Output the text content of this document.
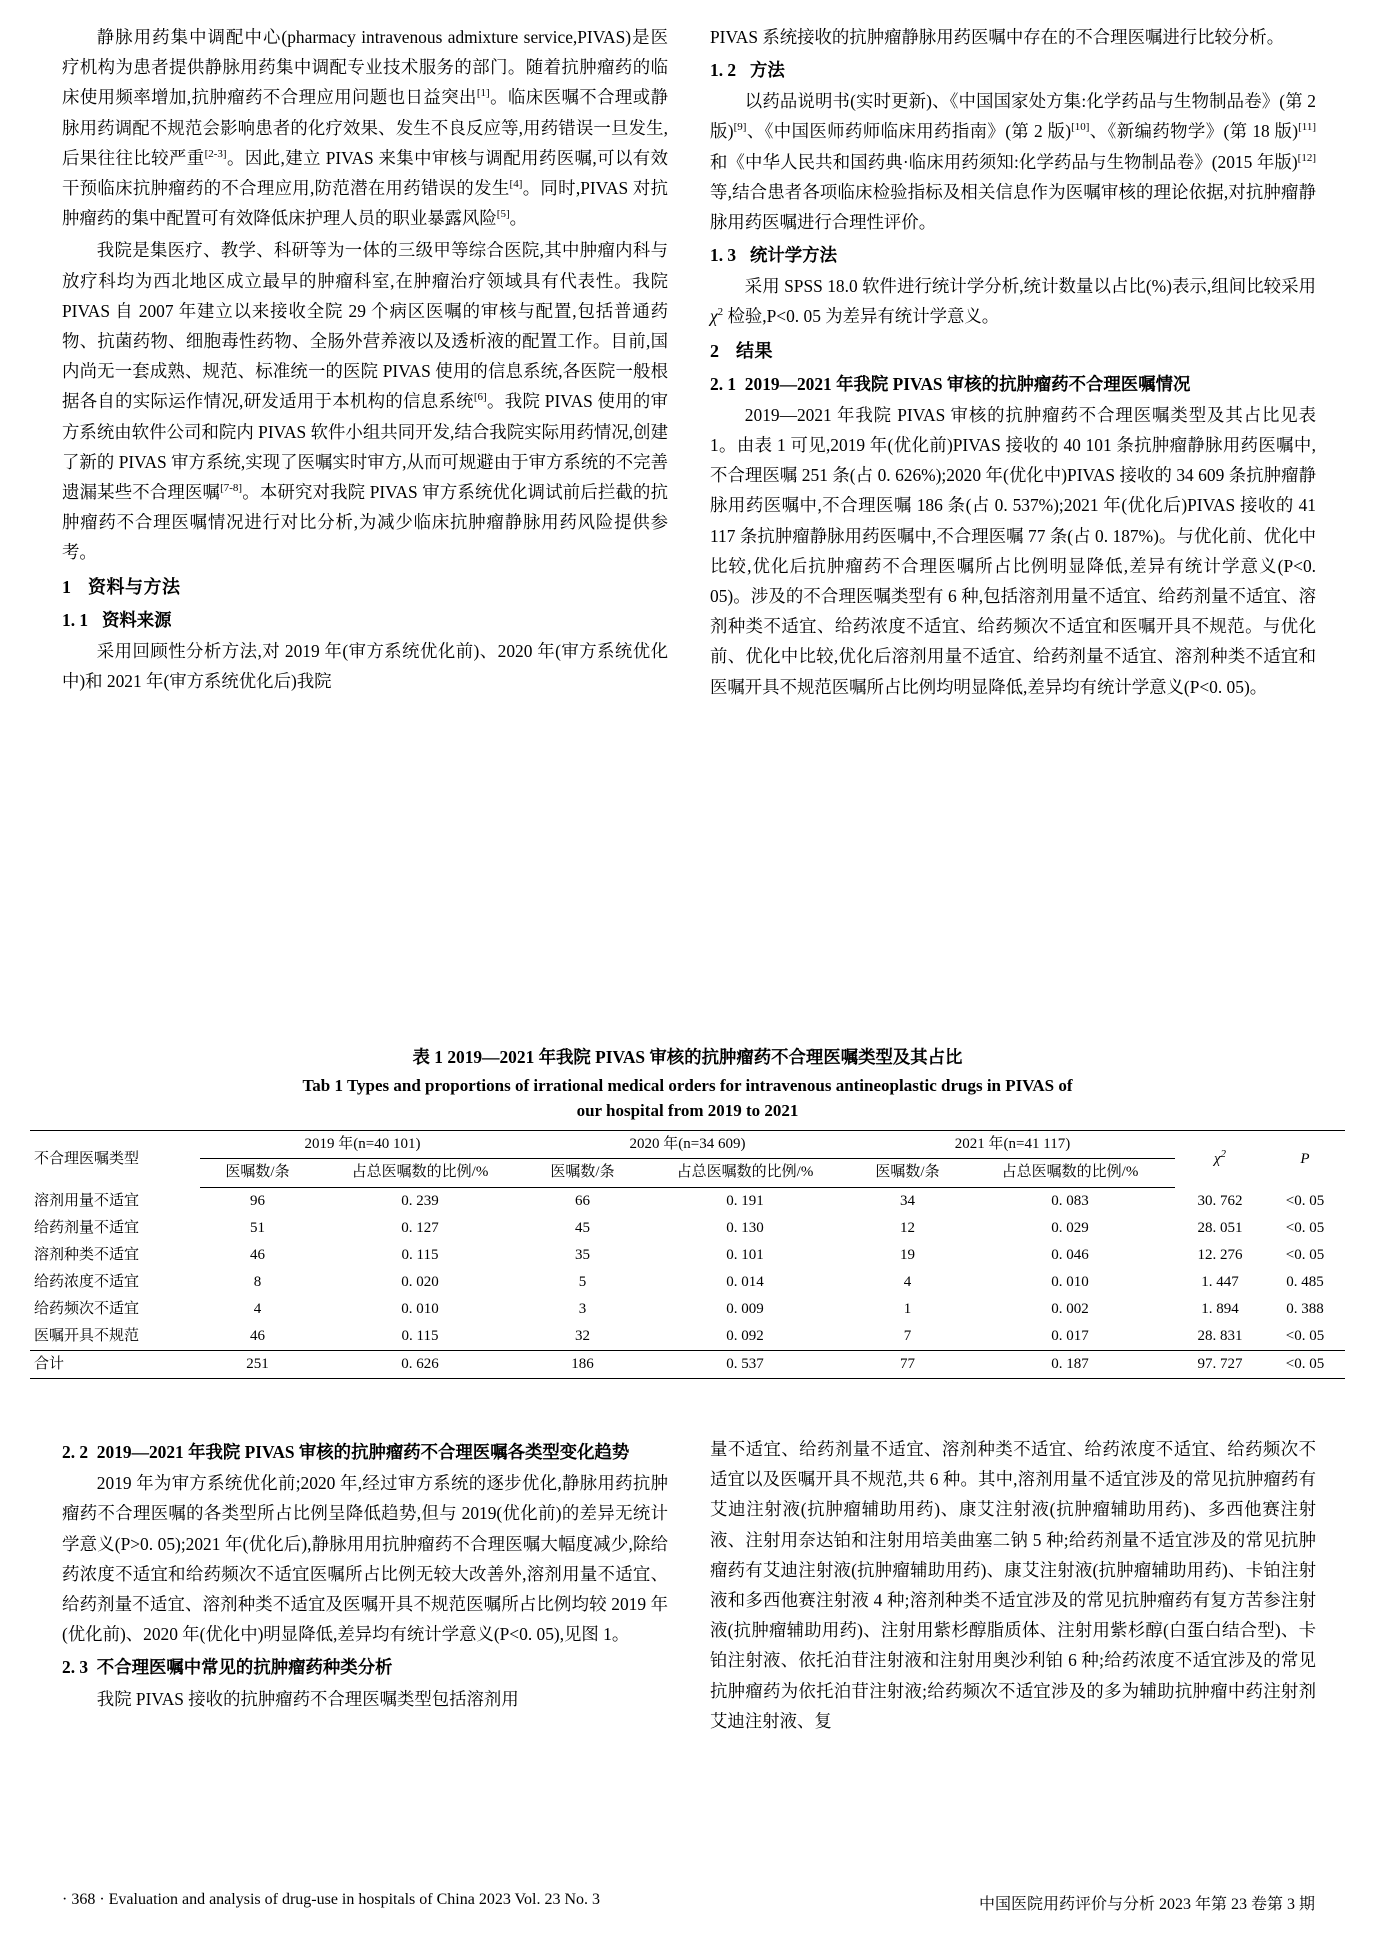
静脉用药集中调配中心(pharmacy intravenous admixture service,PIVAS)是医疗机构为患者提供静脉用药集中调配专业技术服务的部门。随着抗肿瘤药的临床使用频率增加,抗肿瘤药不合理应用问题也日益突出[1]。临床医嘱不合理或静脉用药调配不规范会影响患者的化疗效果、发生不良反应等,用药错误一旦发生,后果往往比较严重[2-3]。因此,建立 PIVAS 来集中审核与调配用药医嘱,可以有效干预临床抗肿瘤药的不合理应用,防范潜在用药错误的发生[4]。同时,PIVAS 对抗肿瘤药的集中配置可有效降低床护理人员的职业暴露风险[5]。

我院是集医疗、教学、科研等为一体的三级甲等综合医院,其中肿瘤内科与放疗科均为西北地区成立最早的肿瘤科室,在肿瘤治疗领域具有代表性。我院 PIVAS 自 2007 年建立以来接收全院 29 个病区医嘱的审核与配置,包括普通药物、抗菌药物、细胞毒性药物、全肠外营养液以及透析液的配置工作。目前,国内尚无一套成熟、规范、标准统一的医院 PIVAS 使用的信息系统,各医院一般根据各自的实际运作情况,研发适用于本机构的信息系统[6]。我院 PIVAS 使用的审方系统由软件公司和院内 PIVAS 软件小组共同开发,结合我院实际用药情况,创建了新的 PIVAS 审方系统,实现了医嘱实时审方,从而可规避由于审方系统的不完善遗漏某些不合理医嘱[7-8]。本研究对我院 PIVAS 审方系统优化调试前后拦截的抗肿瘤药不合理医嘱情况进行对比分析,为减少临床抗肿瘤静脉用药风险提供参考。

1 资料与方法
1. 1 资料来源

采用回顾性分析方法,对 2019 年(审方系统优化前)、2020 年(审方系统优化中)和 2021 年(审方系统优化后)我院

PIVAS 系统接收的抗肿瘤静脉用药医嘱中存在的不合理医嘱进行比较分析。

1. 2 方法

以药品说明书(实时更新)、《中国国家处方集:化学药品与生物制品卷》(第 2 版)[9]、《中国医师药师临床用药指南》(第 2 版)[10]、《新编药物学》(第 18 版)[11]和《中华人民共和国药典·临床用药须知:化学药品与生物制品卷》(2015 年版)[12]等,结合患者各项临床检验指标及相关信息作为医嘱审核的理论依据,对抗肿瘤静脉用药医嘱进行合理性评价。

1. 3 统计学方法

采用 SPSS 18.0 软件进行统计学分析,统计数量以占比(%)表示,组间比较采用$\chi^2$ 检验,P<0. 05 为差异有统计学意义。

2 结果
2. 1 2019—2021 年我院 PIVAS 审核的抗肿瘤药不合理医嘱情况

2019—2021 年我院 PIVAS 审核的抗肿瘤药不合理医嘱类型及其占比见表 1。由表 1 可见,2019 年(优化前)PIVAS 接收的 40 101 条抗肿瘤静脉用药医嘱中,不合理医嘱 251 条(占 0. 626%);2020 年(优化中)PIVAS 接收的 34 609 条抗肿瘤静脉用药医嘱中,不合理医嘱 186 条(占 0. 537%);2021 年(优化后)PIVAS 接收的 41 117 条抗肿瘤静脉用药医嘱中,不合理医嘱 77 条(占 0. 187%)。与优化前、优化中比较,优化后抗肿瘤药不合理医嘱所占比例明显降低,差异有统计学意义(P<0. 05)。涉及的不合理医嘱类型有 6 种,包括溶剂用量不适宜、给药剂量不适宜、溶剂种类不适宜、给药浓度不适宜、给药频次不适宜和医嘱开具不规范。与优化前、优化中比较,优化后溶剂用量不适宜、给药剂量不适宜、溶剂种类不适宜和医嘱开具不规范医嘱所占比例均明显降低,差异均有统计学意义(P<0. 05)。

表 1 2019—2021 年我院 PIVAS 审核的抗肿瘤药不合理医嘱类型及其占比
Tab 1 Types and proportions of irrational medical orders for intravenous antineoplastic drugs in PIVAS of
our hospital from 2019 to 2021
不合理医嘱类型	2019 年(n=40 101)		2020 年(n=34 609)		2021 年(n=41 117)		$\chi^2$	P
	医嘱数/条	占总医嘱数的比例/%	医嘱数/条	占总医嘱数的比例/%	医嘱数/条	占总医嘱数的比例/%		
溶剂用量不适宜	96	0. 239	66	0. 191	34	0. 083	30. 762	<0. 05
给药剂量不适宜	51	0. 127	45	0. 130	12	0. 029	28. 051	<0. 05
溶剂种类不适宜	46	0. 115	35	0. 101	19	0. 046	12. 276	<0. 05
给药浓度不适宜	8	0. 020	5	0. 014	4	0. 010	1. 447	0. 485
给药频次不适宜	4	0. 010	3	0. 009	1	0. 002	1. 894	0. 388
医嘱开具不规范	46	0. 115	32	0. 092	7	0. 017	28. 831	<0. 05
合计	251	0. 626	186	0. 537	77	0. 187	97. 727	<0. 05
2. 2 2019—2021 年我院 PIVAS 审核的抗肿瘤药不合理医嘱各类型变化趋势

2019 年为审方系统优化前;2020 年,经过审方系统的逐步优化,静脉用药抗肿瘤药不合理医嘱的各类型所占比例呈降低趋势,但与 2019(优化前)的差异无统计学意义(P>0. 05);2021 年(优化后),静脉用用抗肿瘤药不合理医嘱大幅度减少,除给药浓度不适宜和给药频次不适宜医嘱所占比例无较大改善外,溶剂用量不适宜、给药剂量不适宜、溶剂种类不适宜及医嘱开具不规范医嘱所占比例均较 2019 年(优化前)、2020 年(优化中)明显降低,差异均有统计学意义(P<0. 05),见图 1。

2. 3 不合理医嘱中常见的抗肿瘤药种类分析

我院 PIVAS 接收的抗肿瘤药不合理医嘱类型包括溶剂用

量不适宜、给药剂量不适宜、溶剂种类不适宜、给药浓度不适宜、给药频次不适宜以及医嘱开具不规范,共 6 种。其中,溶剂用量不适宜涉及的常见抗肿瘤药有艾迪注射液(抗肿瘤辅助用药)、康艾注射液(抗肿瘤辅助用药)、多西他赛注射液、注射用奈达铂和注射用培美曲塞二钠 5 种;给药剂量不适宜涉及的常见抗肿瘤药有艾迪注射液(抗肿瘤辅助用药)、康艾注射液(抗肿瘤辅助用药)、卡铂注射液和多西他赛注射液 4 种;溶剂种类不适宜涉及的常见抗肿瘤药有复方苦参注射液(抗肿瘤辅助用药)、注射用紫杉醇脂质体、注射用紫杉醇(白蛋白结合型)、卡铂注射液、依托泊苷注射液和注射用奥沙利铂 6 种;给药浓度不适宜涉及的常见抗肿瘤药为依托泊苷注射液;给药频次不适宜涉及的多为辅助抗肿瘤中药注射剂艾迪注射液、复

· 368 · Evaluation and analysis of drug-use in hospitals of China 2023 Vol. 23 No. 3	中国医院用药评价与分析 2023 年第 23 卷第 3 期
